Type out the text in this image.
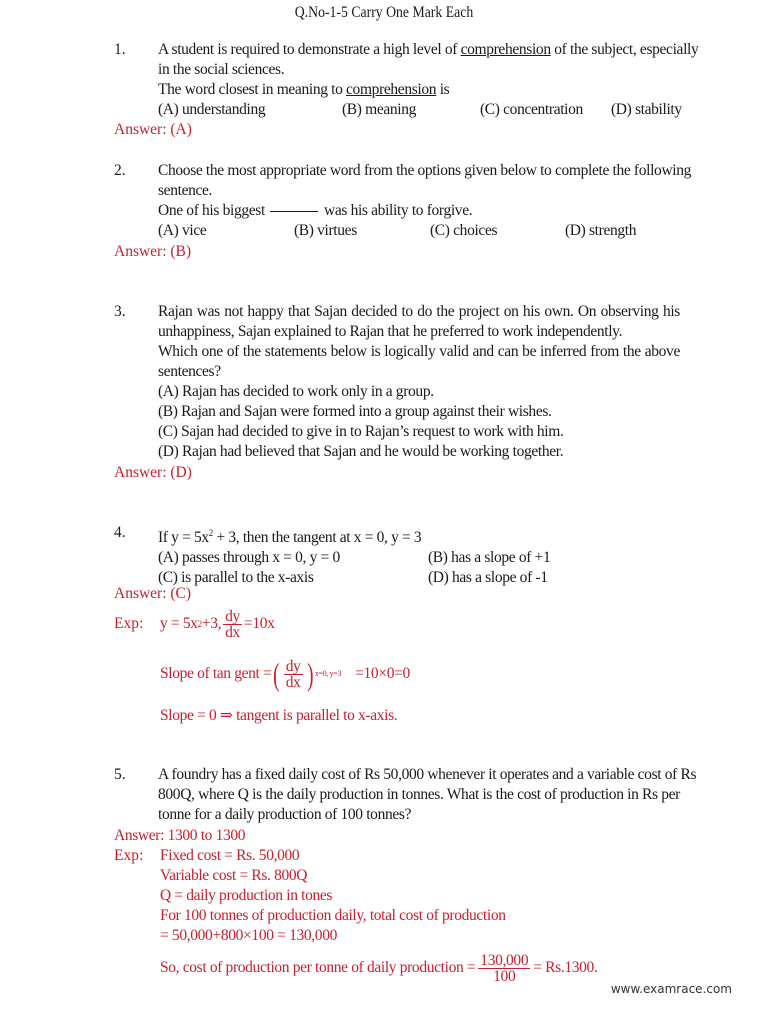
Q.No-1-5 Carry One Mark Each
1. A student is required to demonstrate a high level of comprehension of the subject, especially
in the social sciences.
The word closest in meaning to comprehension is
(A) understanding	(B) meaning	(C) concentration (D) stability
Answer: (A)
2. Choose the most appropriate word from the options given below to complete the following
sentence.
One of his biggest	was his ability to forgive.
(A) vice	(B) virtues	(C) choices	(D) strength
Answer: (B)
3. Rajan was not happy that Sajan decided to do the project on his own. On observing his
unhappiness, Sajan explained to Rajan that he preferred to work independently.
Which one of the statements below is logically valid and can be inferred from the above
sentences?
(A) Rajan has decided to work only in a group.
(B) Rajan and Sajan were formed into a group against their wishes.
(C) Sajan had decided to give in to Rajan’s request to work with him.
(D) Rajan had believed that Sajan and he would be working together.
Answer: (D)
4. If $y = 5x^2 + 3$, then the tangent at x = 0, y = 3
(A) passes through x = 0, y = 0	(B) has a slope of +1
(C) is parallel to the x-axis	(D) has a slope of -1
Answer: (C)
Exp: y = 5x 2 +3, $\frac{dy}{dx} =10x$
Slope of tan gent = ( $\frac{dy}{dx}$ ) x=0, y=3 =10×0=0
Slope = 0 ⇒ tangent is parallel to x-axis.
5. A foundry has a fixed daily cost of Rs 50,000 whenever it operates and a variable cost of Rs
800Q, where Q is the daily production in tonnes. What is the cost of production in Rs per
tonne for a daily production of 100 tonnes?
Answer: 1300 to 1300
Exp: Fixed cost = Rs. 50,000
Variable cost = Rs. 800Q
Q = daily production in tones
For 100 tonnes of production daily, total cost of production
= 50,000+800×100 = 130,000
So, cost of production per tonne of daily production = $\frac{130,000}{100} = Rs.1300$.
www.examrace.com
